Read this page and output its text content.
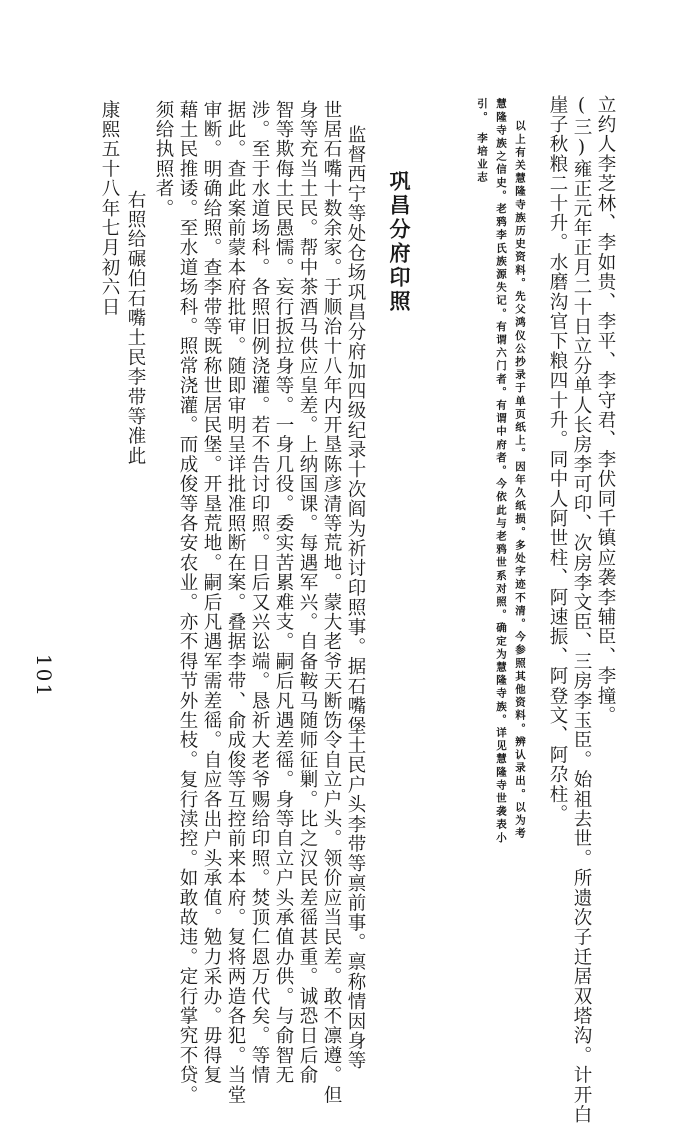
立约人李芝林、李如贵、李平、李守君、李伏同千镇应袭李辅臣、李撞。
(三)雍正元年正月二十日立分单人长房李可印、次房李文臣、三房李玉臣。始祖去世。所遗次子迁居双塔沟。计开白
崖子秋粮二十升。水磨沟官下粮四十升。同中人阿世柱、阿速振、阿登文、阿尕柱。
以上有关慧隆寺族历史资料。先父鸿仪公抄录于单页纸上。因年久纸损。多处字迹不清。今参照其他资料。辨认录出。以为考
慧隆寺族之信史。老鸦李氏族源失记。有谓六门者。有谓中府者。今依此与老鸦世系对照。确定为慧隆寺族。详见慧隆寺世袭表小
引。　李培业志
巩昌分府印照
监督西宁等处仓场巩昌分府加四级纪录十次阎为祈讨印照事。据石嘴堡土民户头李带等禀前事。禀称情因身等
世居石嘴十数余家。于顺治十八年内开垦陈彦清等荒地。蒙大老爷天断饬令自立户头。领价应当民差。敢不凛遵。但
身等充当土民。帮中茶酒马供应皇差。上纳国课。每遇军兴。自备鞍马随师征剿。比之汉民差徭甚重。诚恐日后俞
智等欺侮土民愚懦。妄行扳拉身等。一身几役。委实苦累难支。嗣后凡遇差徭。身等自立户头承值办供。与俞智无
涉。至于水道场科。各照旧例浇灌。若不告讨印照。日后又兴讼端。恳祈大老爷赐给印照。焚顶仁恩万代矣。等情
据此。查此案前蒙本府批审。随即审明呈详批准照断在案。叠据李带、俞成俊等互控前来本府。复将两造各犯。当堂
审断。明确给照。查李带等既称世居民堡。开垦荒地。嗣后凡遇军需差徭。自应各出户头承值。勉力采办。毋得复
藉土民推诿。至水道场科。照常浇灌。而成俊等各安农业。亦不得节外生枝。复行渎控。如敢故违。定行掌究不贷。
须给执照者。
右照给碾伯石嘴土民李带等准此
康熙五十八年七月初六日
101
